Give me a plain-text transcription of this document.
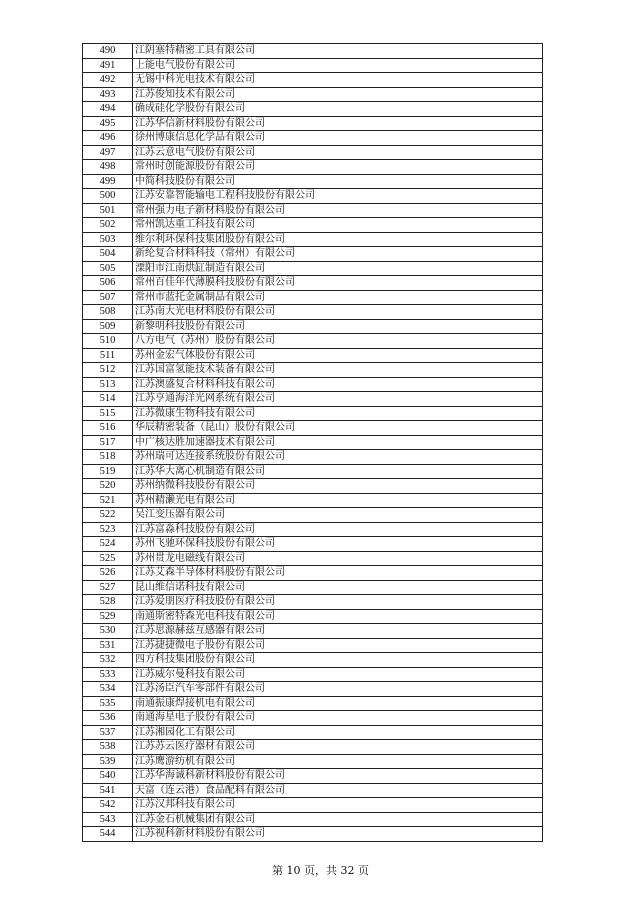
490	江阴塞特精密工具有限公司
491	上能电气股份有限公司
492	无锡中科光电技术有限公司
493	江苏俊知技术有限公司
494	确成硅化学股份有限公司
495	江苏华信新材料股份有限公司
496	徐州博康信息化学品有限公司
497	江苏云意电气股份有限公司
498	常州时创能源股份有限公司
499	中简科技股份有限公司
500	江苏安靠智能输电工程科技股份有限公司
501	常州强力电子新材料股份有限公司
502	常州凯达重工科技有限公司
503	维尔利环保科技集团股份有限公司
504	新纶复合材料科技（常州）有限公司
505	溧阳市江南烘缸制造有限公司
506	常州百佳年代薄膜科技股份有限公司
507	常州市蓝托金属制品有限公司
508	江苏南大光电材料股份有限公司
509	新黎明科技股份有限公司
510	八方电气（苏州）股份有限公司
511	苏州金宏气体股份有限公司
512	江苏国富氢能技术装备有限公司
513	江苏澳盛复合材料科技有限公司
514	江苏亨通海洋光网系统有限公司
515	江苏微康生物科技有限公司
516	华辰精密装备（昆山）股份有限公司
517	中广核达胜加速器技术有限公司
518	苏州瑞可达连接系统股份有限公司
519	江苏华大离心机制造有限公司
520	苏州纳微科技股份有限公司
521	苏州精濑光电有限公司
522	吴江变压器有限公司
523	江苏富淼科技股份有限公司
524	苏州飞驰环保科技股份有限公司
525	苏州贯龙电磁线有限公司
526	江苏艾森半导体材料股份有限公司
527	昆山维信诺科技有限公司
528	江苏爱朋医疗科技股份有限公司
529	南通斯密特森光电科技有限公司
530	江苏思源赫兹互感器有限公司
531	江苏捷捷微电子股份有限公司
532	四方科技集团股份有限公司
533	江苏威尔曼科技有限公司
534	江苏汤臣汽车零部件有限公司
535	南通振康焊接机电有限公司
536	南通海星电子股份有限公司
537	江苏湘园化工有限公司
538	江苏苏云医疗器材有限公司
539	江苏鹰游纺机有限公司
540	江苏华海诚科新材料股份有限公司
541	天富（连云港）食品配料有限公司
542	江苏汉邦科技有限公司
543	江苏金石机械集团有限公司
544	江苏视科新材料股份有限公司
第 10 页，共 32 页
